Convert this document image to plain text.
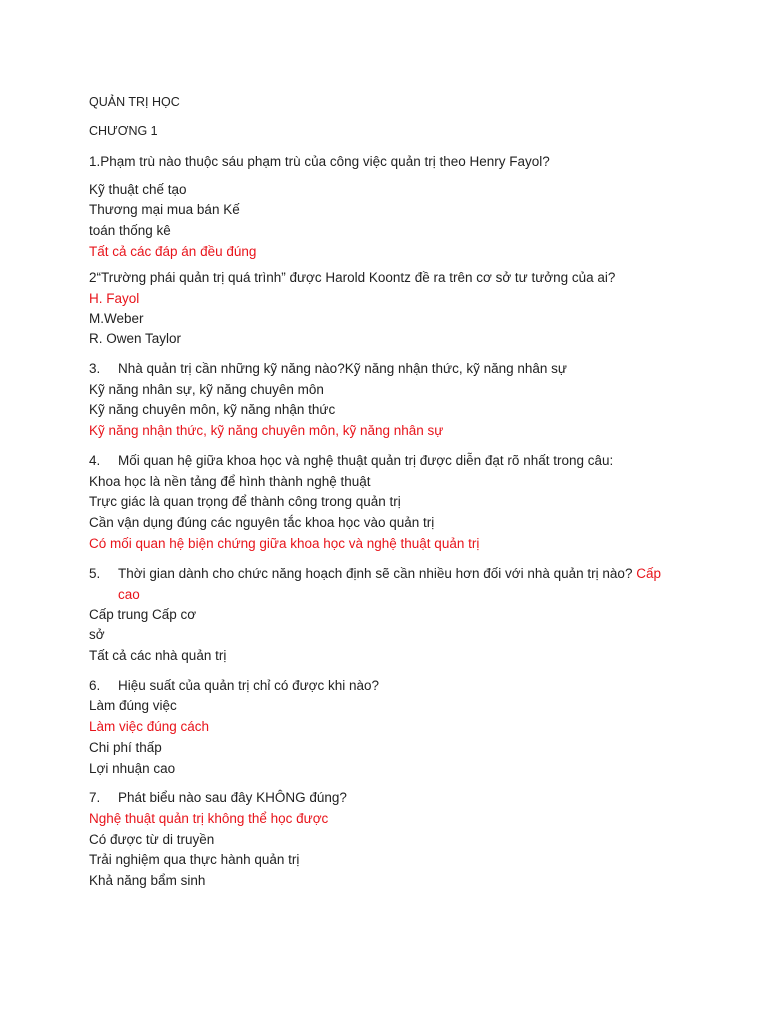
QUẢN TRỊ HỌC
CHƯƠNG 1
1.Phạm trù nào thuộc sáu phạm trù của công việc quản trị theo Henry Fayol?
Kỹ thuật chế tạo
Thương mại mua bán Kế
toán thống kê
Tất cả các đáp án đều đúng
2“Trường phái quản trị quá trình” được Harold Koontz đề ra trên cơ sở tư tưởng của ai?
H. Fayol
M.Weber
R. Owen Taylor
3. Nhà quản trị cần những kỹ năng nào?Kỹ năng nhận thức, kỹ năng nhân sự
Kỹ năng nhân sự, kỹ năng chuyên môn
Kỹ năng chuyên môn, kỹ năng nhận thức
Kỹ năng nhận thức, kỹ năng chuyên môn, kỹ năng nhân sự
4. Mối quan hệ giữa khoa học và nghệ thuật quản trị được diễn đạt rõ nhất trong câu:
Khoa học là nền tảng để hình thành nghệ thuật
Trực giác là quan trọng để thành công trong quản trị
Cần vận dụng đúng các nguyên tắc khoa học vào quản trị
Có mối quan hệ biện chứng giữa khoa học và nghệ thuật quản trị
5. Thời gian dành cho chức năng hoạch định sẽ cần nhiều hơn đối với nhà quản trị nào? Cấp
cao
Cấp trung Cấp cơ
sở
Tất cả các nhà quản trị
6. Hiệu suất của quản trị chỉ có được khi nào?
Làm đúng việc
Làm việc đúng cách
Chi phí thấp
Lợi nhuận cao
7. Phát biểu nào sau đây KHÔNG đúng?
Nghệ thuật quản trị không thể học được
Có được từ di truyền
Trải nghiệm qua thực hành quản trị
Khả năng bẩm sinh
